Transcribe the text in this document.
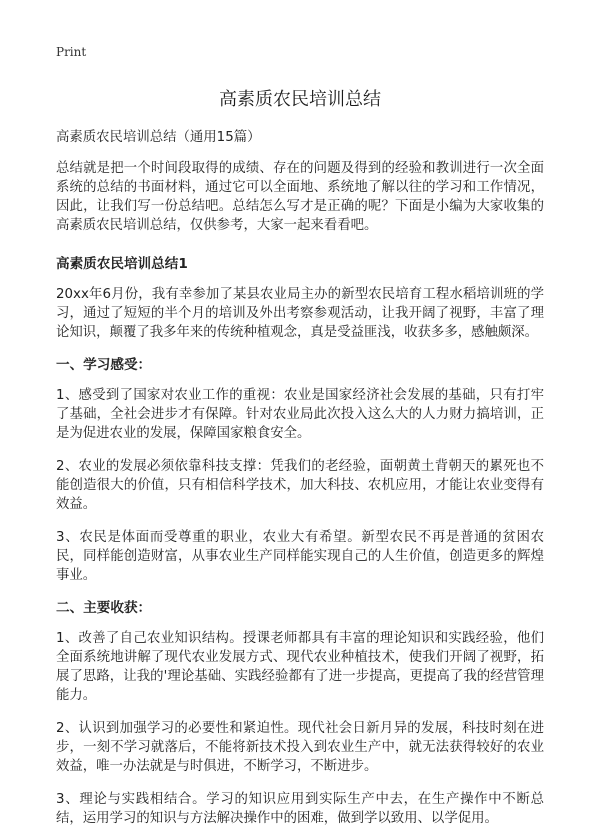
Print

高素质农民培训总结

高素质农民培训总结（通用15篇）

总结就是把一个时间段取得的成绩、存在的问题及得到的经验和教训进行一次全面系统的总结的书面材料，通过它可以全面地、系统地了解以往的学习和工作情况，因此，让我们写一份总结吧。总结怎么写才是正确的呢？下面是小编为大家收集的高素质农民培训总结，仅供参考，大家一起来看看吧。

高素质农民培训总结1

20xx年6月份，我有幸参加了某县农业局主办的新型农民培育工程水稻培训班的学习，通过了短短的半个月的培训及外出考察参观活动，让我开阔了视野，丰富了理论知识，颠覆了我多年来的传统种植观念，真是受益匪浅，收获多多，感触颇深。

一、学习感受：

1、感受到了国家对农业工作的重视：农业是国家经济社会发展的基础，只有打牢了基础，全社会进步才有保障。针对农业局此次投入这么大的人力财力搞培训，正是为促进农业的发展，保障国家粮食安全。

2、农业的发展必须依靠科技支撑：凭我们的老经验，面朝黄土背朝天的累死也不能创造很大的价值，只有相信科学技术，加大科技、农机应用，才能让农业变得有效益。

3、农民是体面而受尊重的职业，农业大有希望。新型农民不再是普通的贫困农民，同样能创造财富，从事农业生产同样能实现自己的人生价值，创造更多的辉煌事业。

二、主要收获：

1、改善了自己农业知识结构。授课老师都具有丰富的理论知识和实践经验，他们全面系统地讲解了现代农业发展方式、现代农业种植技术，使我们开阔了视野，拓展了思路，让我的'理论基础、实践经验都有了进一步提高，更提高了我的经营管理能力。

2、认识到加强学习的必要性和紧迫性。现代社会日新月异的发展，科技时刻在进步，一刻不学习就落后，不能将新技术投入到农业生产中，就无法获得较好的农业效益，唯一办法就是与时俱进，不断学习，不断进步。

3、理论与实践相结合。学习的知识应用到实际生产中去，在生产操作中不断总结，运用学习的知识与方法解决操作中的困难，做到学以致用、以学促用。
